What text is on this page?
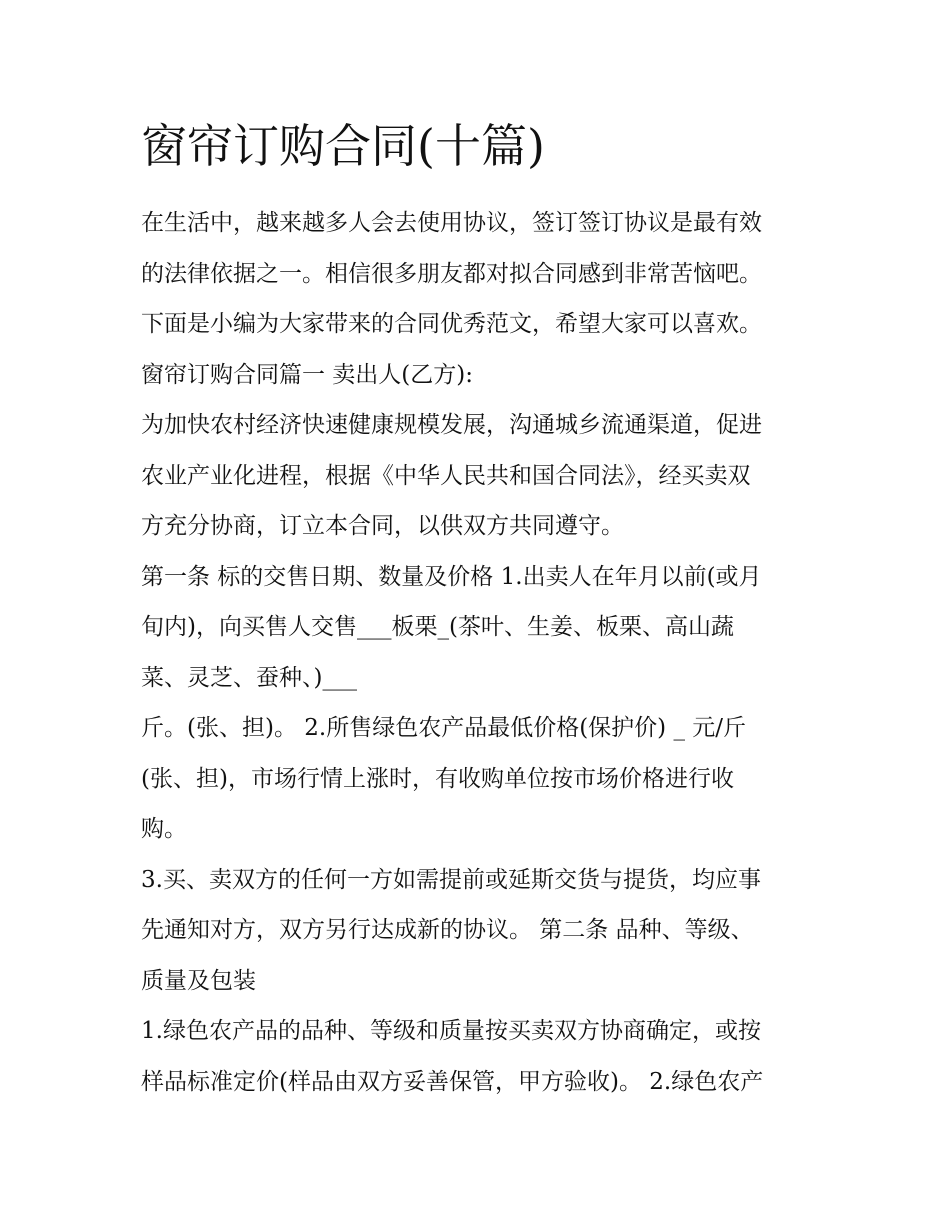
窗帘订购合同(十篇)
在生活中，越来越多人会去使用协议，签订签订协议是最有效
的法律依据之一。相信很多朋友都对拟合同感到非常苦恼吧。
下面是小编为大家带来的合同优秀范文，希望大家可以喜欢。
窗帘订购合同篇一 卖出人(乙方):
为加快农村经济快速健康规模发展，沟通城乡流通渠道，促进
农业产业化进程，根据《中华人民共和国合同法》，经买卖双
方充分协商，订立本合同，以供双方共同遵守。
第一条 标的交售日期、数量及价格 1.出卖人在年月以前(或月
旬内)，向买售人交售___板栗_(茶叶、生姜、板栗、高山蔬
菜、灵芝、蚕种、)___
斤。(张、担)。 2.所售绿色农产品最低价格(保护价) _ 元/斤
(张、担)，市场行情上涨时，有收购单位按市场价格进行收
购。
3.买、卖双方的任何一方如需提前或延斯交货与提货，均应事
先通知对方，双方另行达成新的协议。 第二条 品种、等级、
质量及包装
1.绿色农产品的品种、等级和质量按买卖双方协商确定，或按
样品标准定价(样品由双方妥善保管，甲方验收)。 2.绿色农产
